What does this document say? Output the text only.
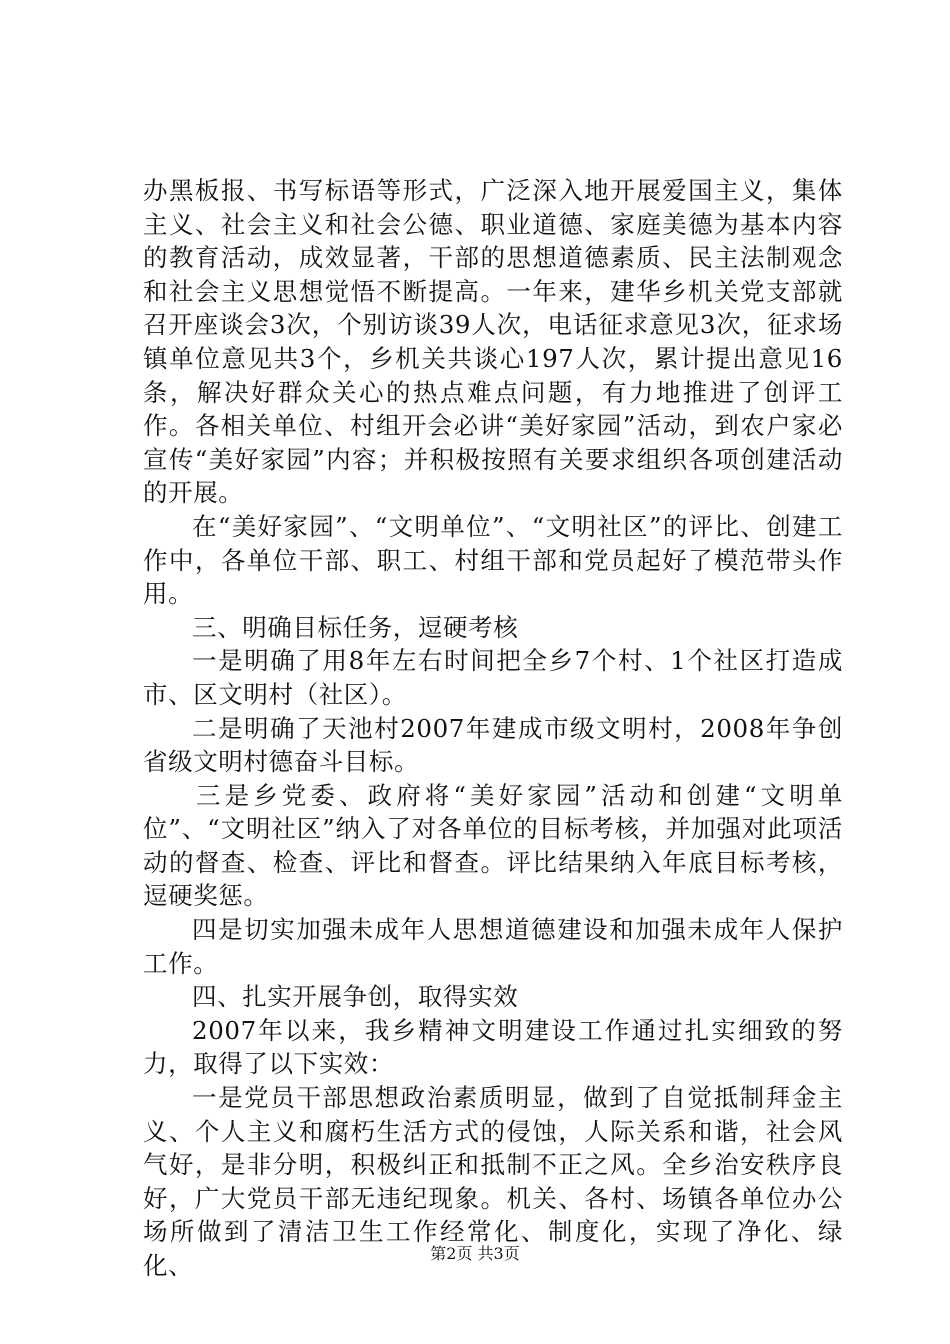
办黑板报、书写标语等形式，广泛深入地开展爱国主义，集体主义、社会主义和社会公德、职业道德、家庭美德为基本内容的教育活动，成效显著，干部的思想道德素质、民主法制观念和社会主义思想觉悟不断提高。一年来，建华乡机关党支部就召开座谈会3次，个别访谈39人次，电话征求意见3次，征求场镇单位意见共3个，乡机关共谈心197人次，累计提出意见16条，解决好群众关心的热点难点问题，有力地推进了创评工作。各相关单位、村组开会必讲“美好家园”活动，到农户家必宣传“美好家园”内容；并积极按照有关要求组织各项创建活动的开展。

在“美好家园”、“文明单位”、“文明社区”的评比、创建工作中，各单位干部、职工、村组干部和党员起好了模范带头作用。

三、明确目标任务，逗硬考核

一是明确了用8年左右时间把全乡7个村、1个社区打造成市、区文明村（社区）。

二是明确了天池村2007年建成市级文明村，2008年争创省级文明村德奋斗目标。

三是乡党委、政府将“美好家园”活动和创建“文明单位”、“文明社区”纳入了对各单位的目标考核，并加强对此项活动的督查、检查、评比和督查。评比结果纳入年底目标考核，逗硬奖惩。

四是切实加强未成年人思想道德建设和加强未成年人保护工作。

四、扎实开展争创，取得实效

2007年以来，我乡精神文明建设工作通过扎实细致的努力，取得了以下实效：

一是党员干部思想政治素质明显，做到了自觉抵制拜金主义、个人主义和腐朽生活方式的侵蚀，人际关系和谐，社会风气好，是非分明，积极纠正和抵制不正之风。全乡治安秩序良好，广大党员干部无违纪现象。机关、各村、场镇各单位办公场所做到了清洁卫生工作经常化、制度化，实现了净化、绿化、	第2页 共3页
